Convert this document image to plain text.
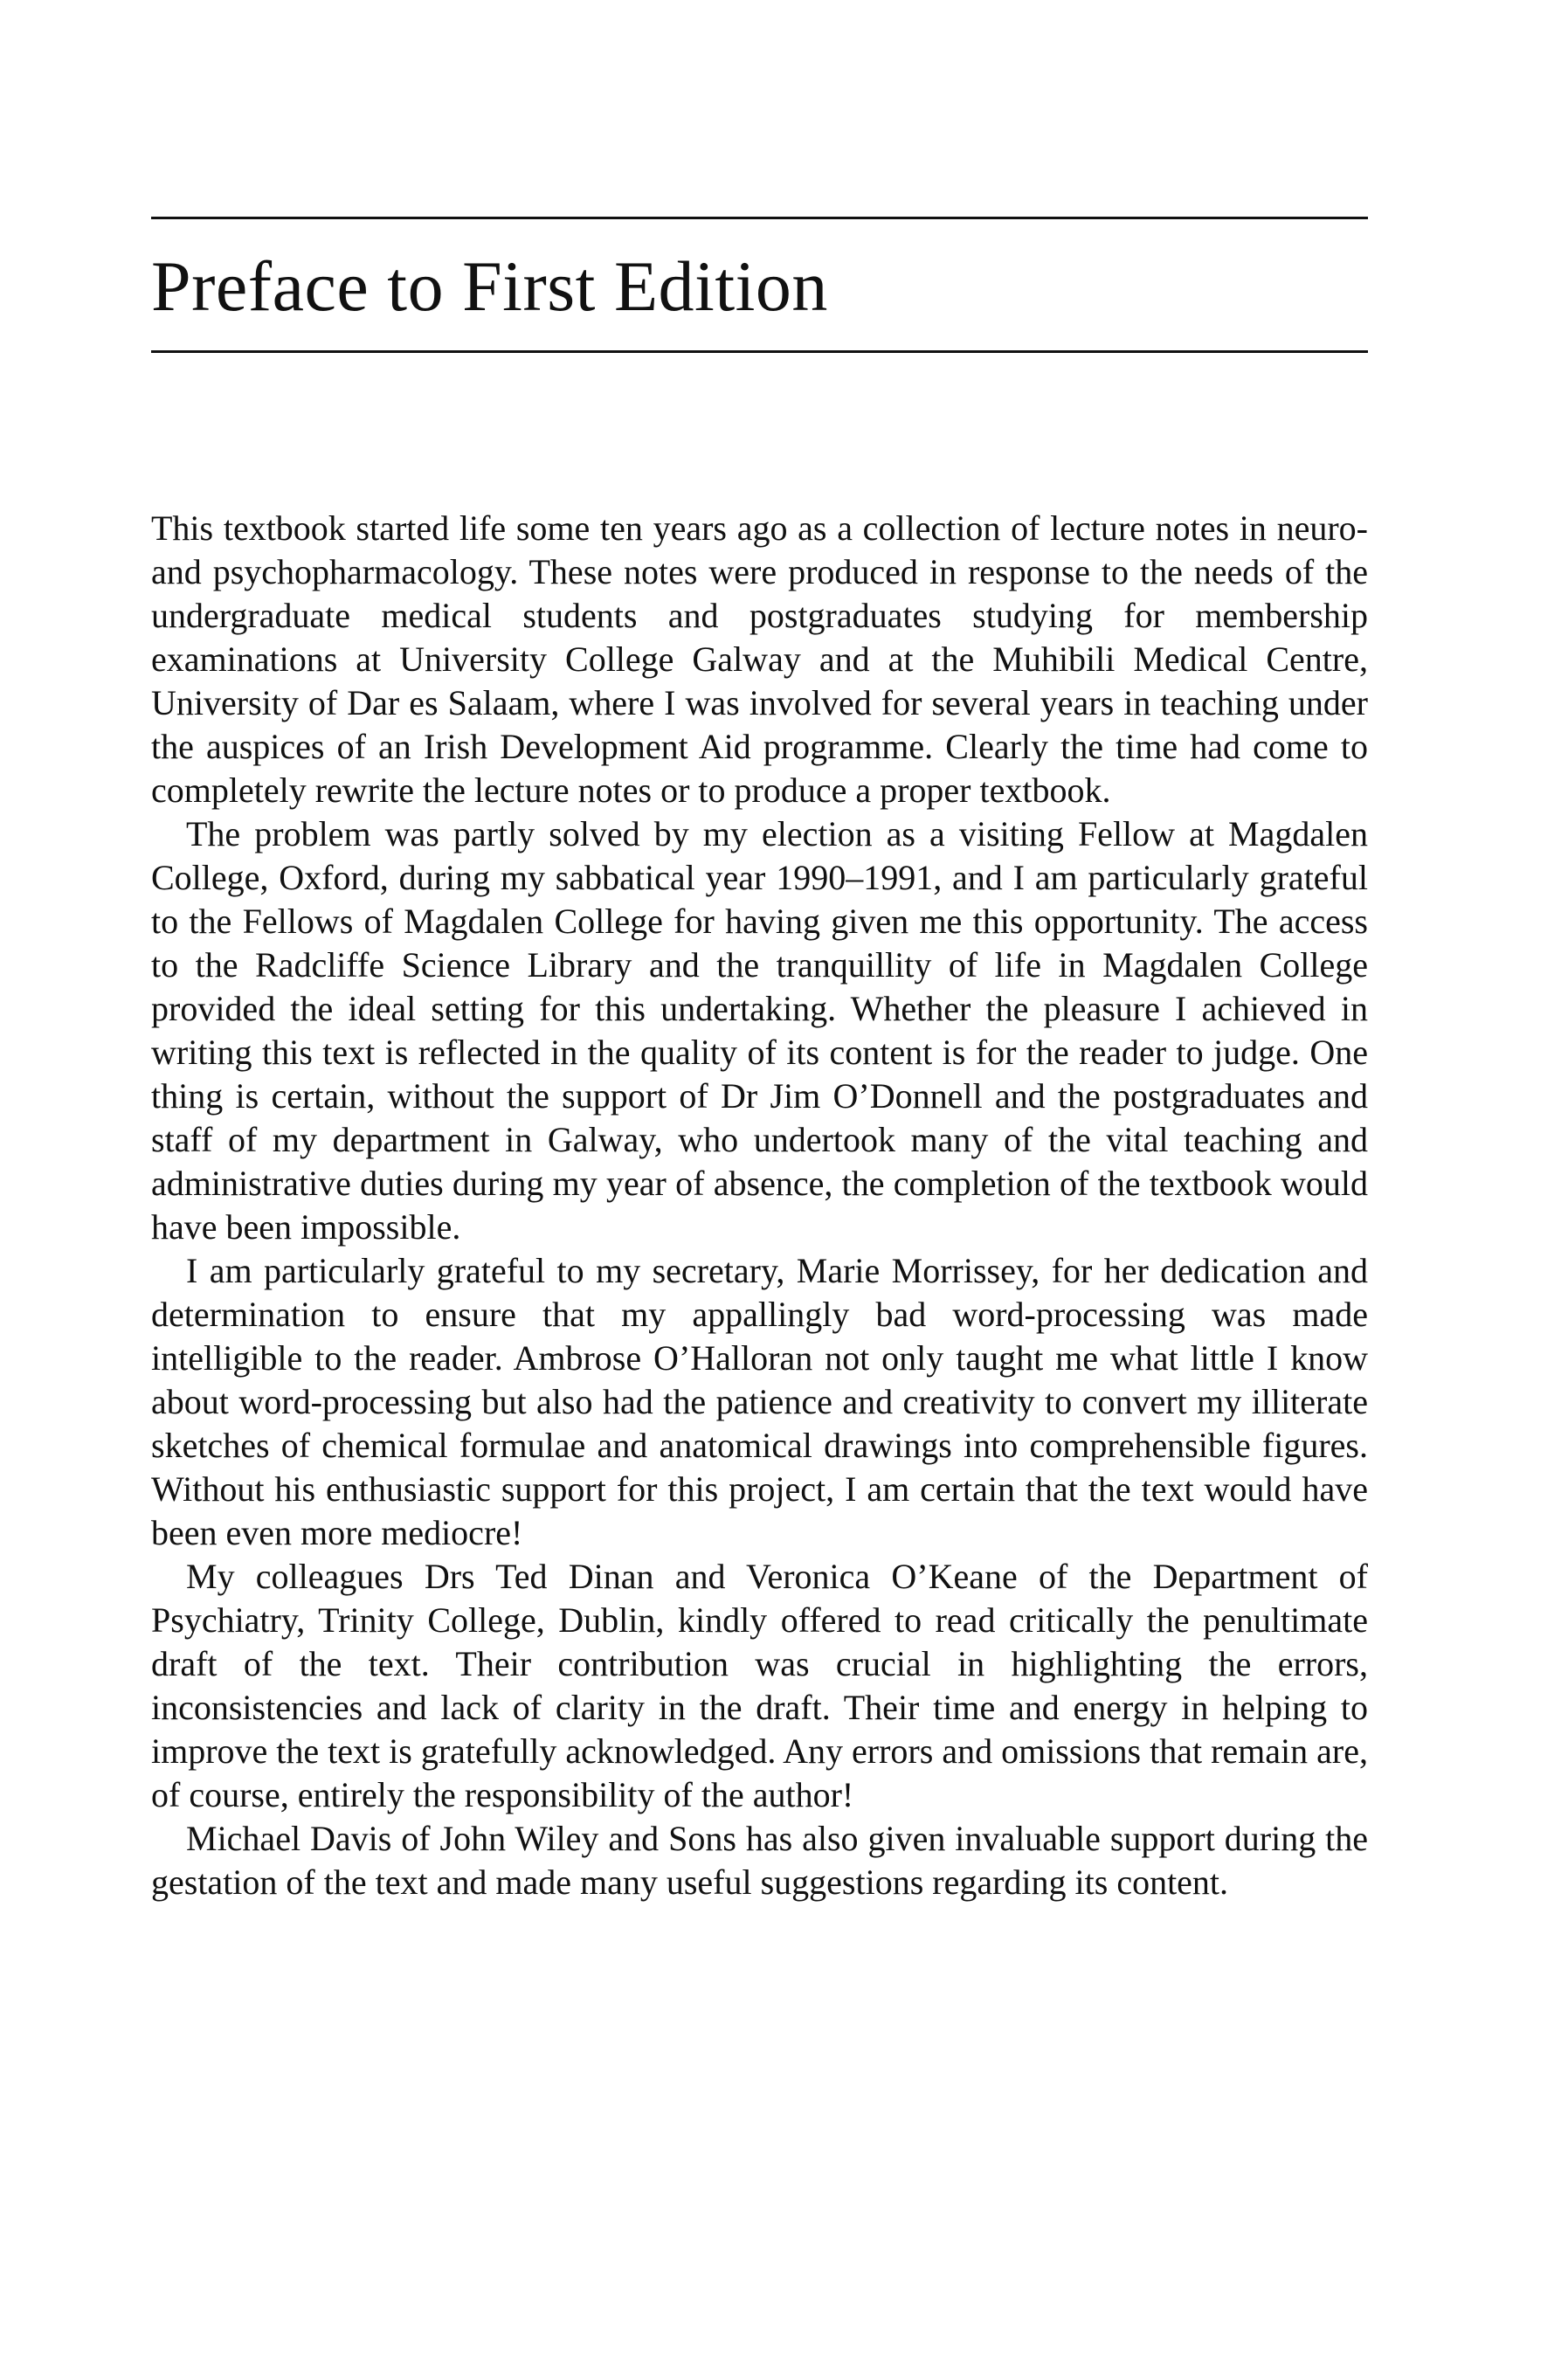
Preface to First Edition

This textbook started life some ten years ago as a collection of lecture notes in neuro- and psychopharmacology. These notes were produced in response to the needs of the undergraduate medical students and postgraduates studying for membership examinations at University College Galway and at the Muhibili Medical Centre, University of Dar es Salaam, where I was involved for several years in teaching under the auspices of an Irish Development Aid programme. Clearly the time had come to completely rewrite the lecture notes or to produce a proper textbook.

The problem was partly solved by my election as a visiting Fellow at Magdalen College, Oxford, during my sabbatical year 1990–1991, and I am particularly grateful to the Fellows of Magdalen College for having given me this opportunity. The access to the Radcliffe Science Library and the tranquillity of life in Magdalen College provided the ideal setting for this undertaking. Whether the pleasure I achieved in writing this text is reflected in the quality of its content is for the reader to judge. One thing is certain, without the support of Dr Jim O’Donnell and the postgraduates and staff of my department in Galway, who undertook many of the vital teaching and administrative duties during my year of absence, the completion of the textbook would have been impossible.

I am particularly grateful to my secretary, Marie Morrissey, for her dedication and determination to ensure that my appallingly bad word-processing was made intelligible to the reader. Ambrose O’Halloran not only taught me what little I know about word-processing but also had the patience and creativity to convert my illiterate sketches of chemical formulae and anatomical drawings into comprehensible figures. Without his enthusiastic support for this project, I am certain that the text would have been even more mediocre!

My colleagues Drs Ted Dinan and Veronica O’Keane of the Department of Psychiatry, Trinity College, Dublin, kindly offered to read critically the penultimate draft of the text. Their contribution was crucial in highlighting the errors, inconsistencies and lack of clarity in the draft. Their time and energy in helping to improve the text is gratefully acknowledged. Any errors and omissions that remain are, of course, entirely the responsibility of the author!

Michael Davis of John Wiley and Sons has also given invaluable support during the gestation of the text and made many useful suggestions regarding its content.
